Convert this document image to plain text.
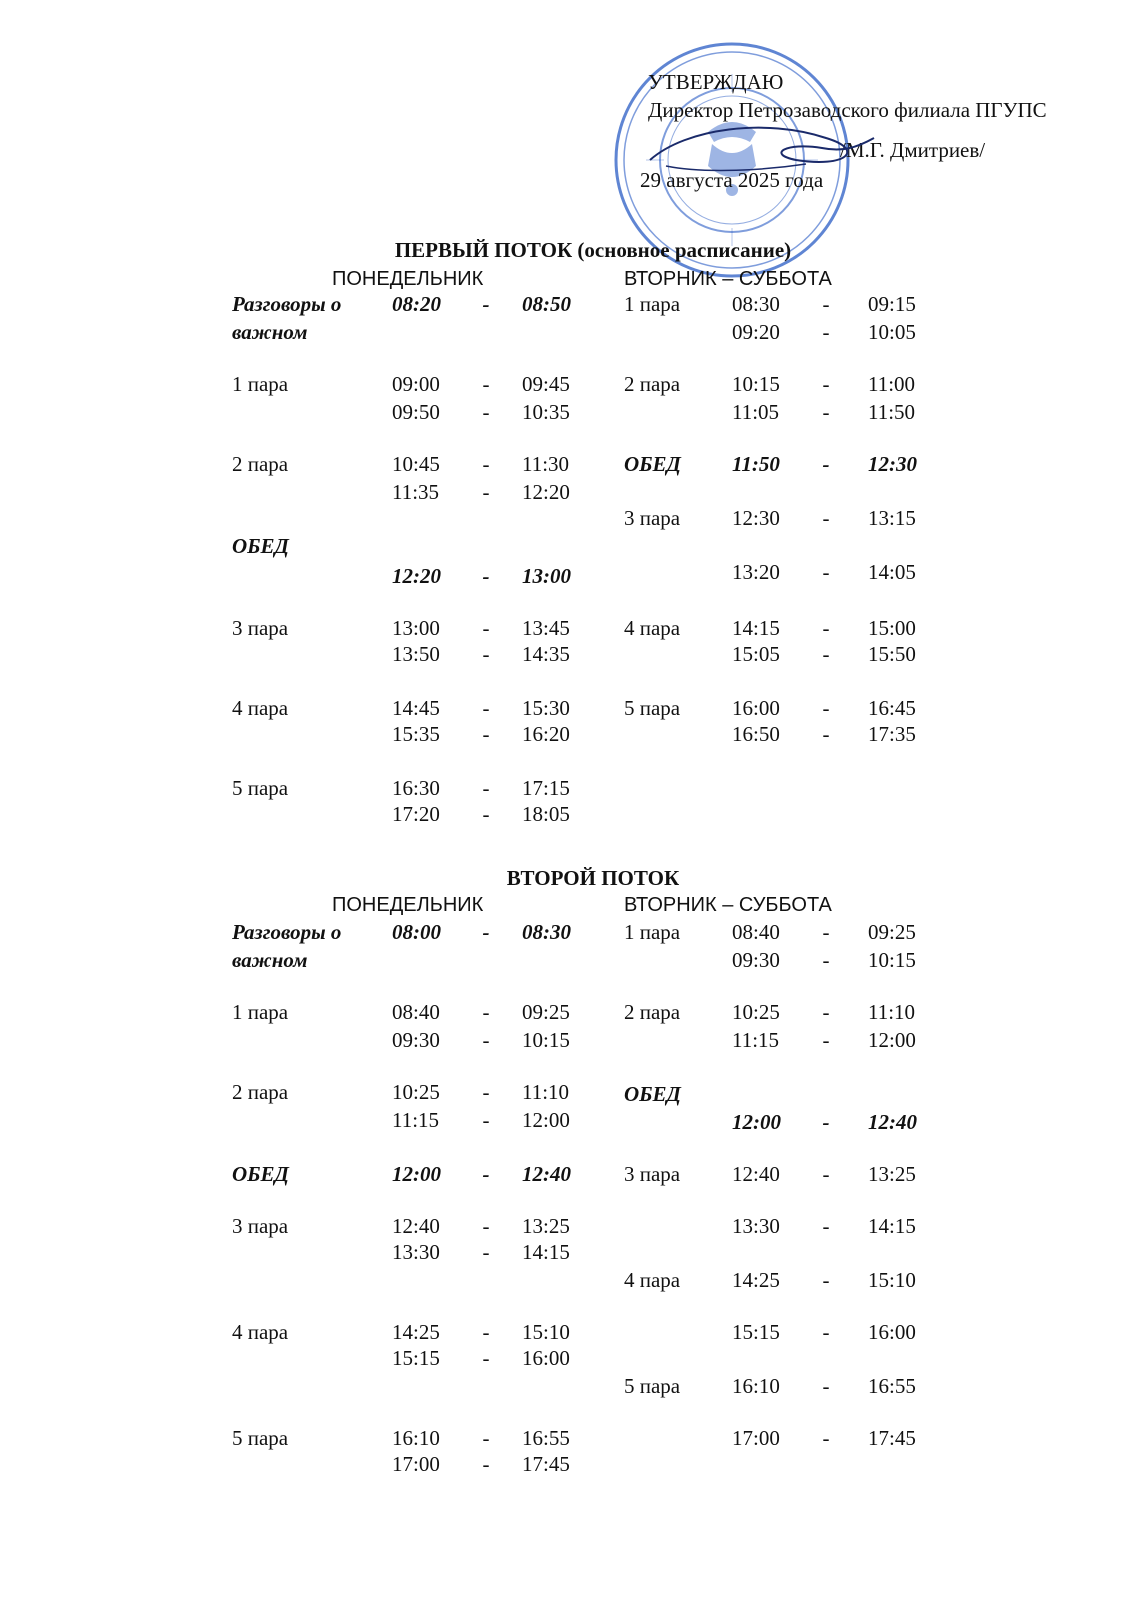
УТВЕРЖДАЮ
Директор Петрозаводского филиала ПГУПС
/М.Г. Дмитриев/
29 августа 2025 года
ПЕРВЫЙ ПОТОК (основное расписание)
ПОНЕДЕЛЬНИК	ВТОРНИК – СУББОТА
Разговоры о 08:20 - 08:50
важном
1 пара	09:00 - 09:45
09:50 - 10:35
2 пара	10:45 - 11:30
11:35 - 12:20
ОБЕД
12:20 - 13:00
3 пара	13:00 - 13:45
13:50 - 14:35
4 пара	14:45 - 15:30
15:35 - 16:20
5 пара	16:30 - 17:15
17:20 - 18:05
1 пара 08:30 - 09:15
09:20 - 10:05
2 пара 10:15 - 11:00
11:05 - 11:50
ОБЕД 11:50 - 12:30
3 пара 12:30 - 13:15
13:20 - 14:05
4 пара 14:15 - 15:00
15:05 - 15:50
5 пара 16:00 - 16:45
16:50 - 17:35
ВТОРОЙ ПОТОК
ПОНЕДЕЛЬНИК	ВТОРНИК – СУББОТА
Разговоры о 08:00 - 08:30
важном
1 пара	08:40 - 09:25
09:30 - 10:15
2 пара	10:25 - 11:10
11:15 - 12:00
ОБЕД	12:00 - 12:40
3 пара	12:40 - 13:25
13:30 - 14:15
4 пара	14:25 - 15:10
15:15 - 16:00
5 пара	16:10 - 16:55
17:00 - 17:45
1 пара 08:40 - 09:25
09:30 - 10:15
2 пара 10:25 - 11:10
11:15 - 12:00
ОБЕД
12:00 - 12:40
3 пара 12:40 - 13:25
13:30 - 14:15
4 пара 14:25 - 15:10
15:15 - 16:00
5 пара 16:10 - 16:55
17:00 - 17:45
